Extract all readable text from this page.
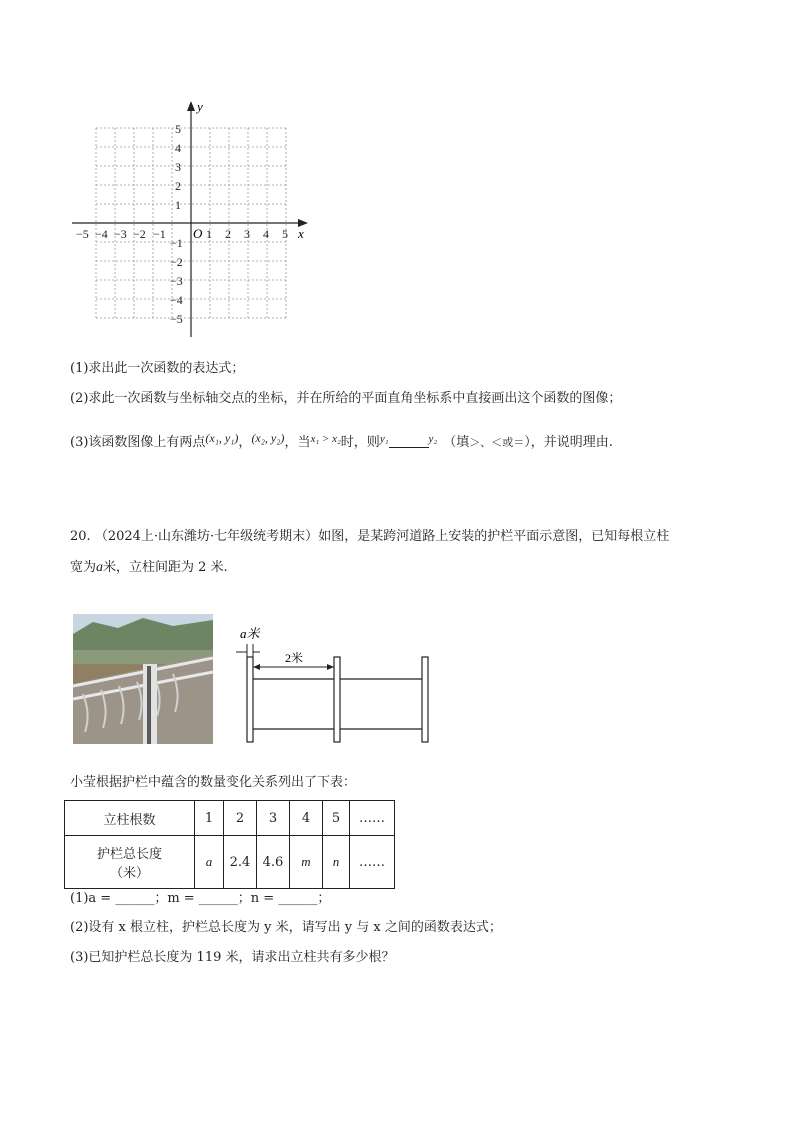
y
x
O
−5 −4 −3 −2 −1	1 2 3 4 5
5
4
3
2
1
−1
−2
−3
−4
−5
(1)求出此一次函数的表达式；
(2)求此一次函数与坐标轴交点的坐标，并在所给的平面直角坐标系中直接画出这个函数的图像；
(3)该函数图像上有两点(x₁, y₁)，(x₂, y₂)，当$^{x_1 > x_2}$时，则$^{y_1}$	$^{y_2}$ （填＞、＜或＝），并说明理由.
20. （2024上·山东潍坊·七年级统考期末）如图，是某跨河道路上安装的护栏平面示意图，已知每根立柱
宽为a米，立柱间距为 2 米.
a米
2米
小莹根据护栏中蕴含的数量变化关系列出了下表：
立柱根数	1	2	3	4	5	……

护栏总长度
（米）	a	2.4	4.6	m	n	……
(1)a = ______；m = ______；n = ______；
(2)设有 x 根立柱，护栏总长度为 y 米，请写出 y 与 x 之间的函数表达式；
(3)已知护栏总长度为 119 米，请求出立柱共有多少根？
